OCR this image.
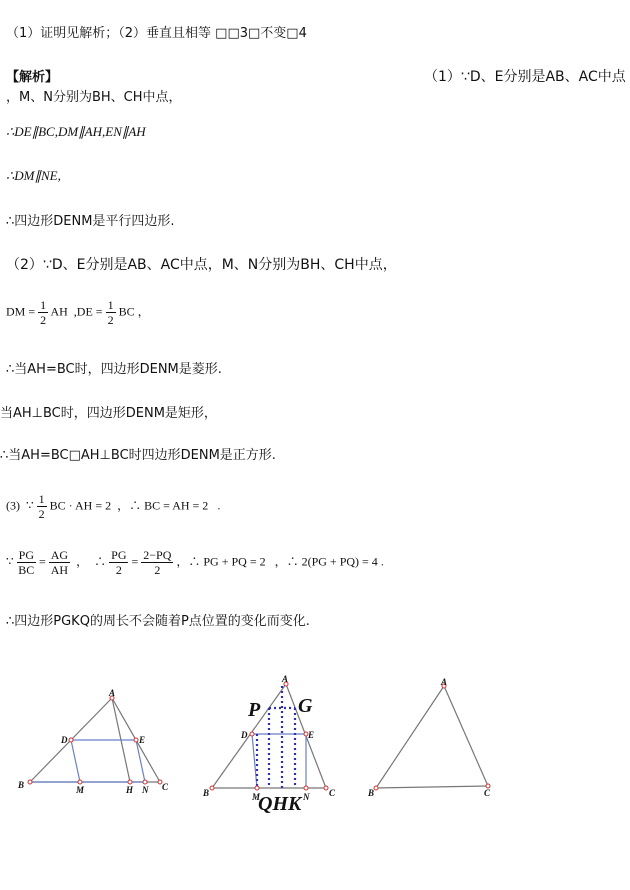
（1）证明见解析；（2）垂直且相等 □□3□不变□4
【解析】	（1）∵D、E分别是AB、AC中点
，M、N分别为BH、CH中点，
∴DE∥BC,DM∥AH,EN∥AH
∴DM∥NE,
∴四边形DENM是平行四边形.
（2）∵D、E分别是AB、AC中点，M、N分别为BH、CH中点，
DM = $\frac{1}{2}$ AH $,DE = \frac{1}{2}$ BC ，
∴当AH=BC时，四边形DENM是菱形.
当AH⊥BC时，四边形DENM是矩形，
∴当AH=BC□AH⊥BC时四边形DENM是正方形.
(3) ∵ $\frac{1}{2}$ BC · AH = 2 ，∴ BC = AH = 2 .
∵ $\frac{PG}{BC} = \frac{AG}{AH}$ ， ∴ $\frac{PG}{2} = \frac{2-PQ}{2}$ ，∴ PG + PQ = 2 ，∴ 2(PG + PQ) = 4 .
∴四边形PGKQ的周长不会随着P点位置的变化而变化.
A
B	C
D	E
M	H N
A
B	C
D	E
M	N
P G
QHK
A
B	C
